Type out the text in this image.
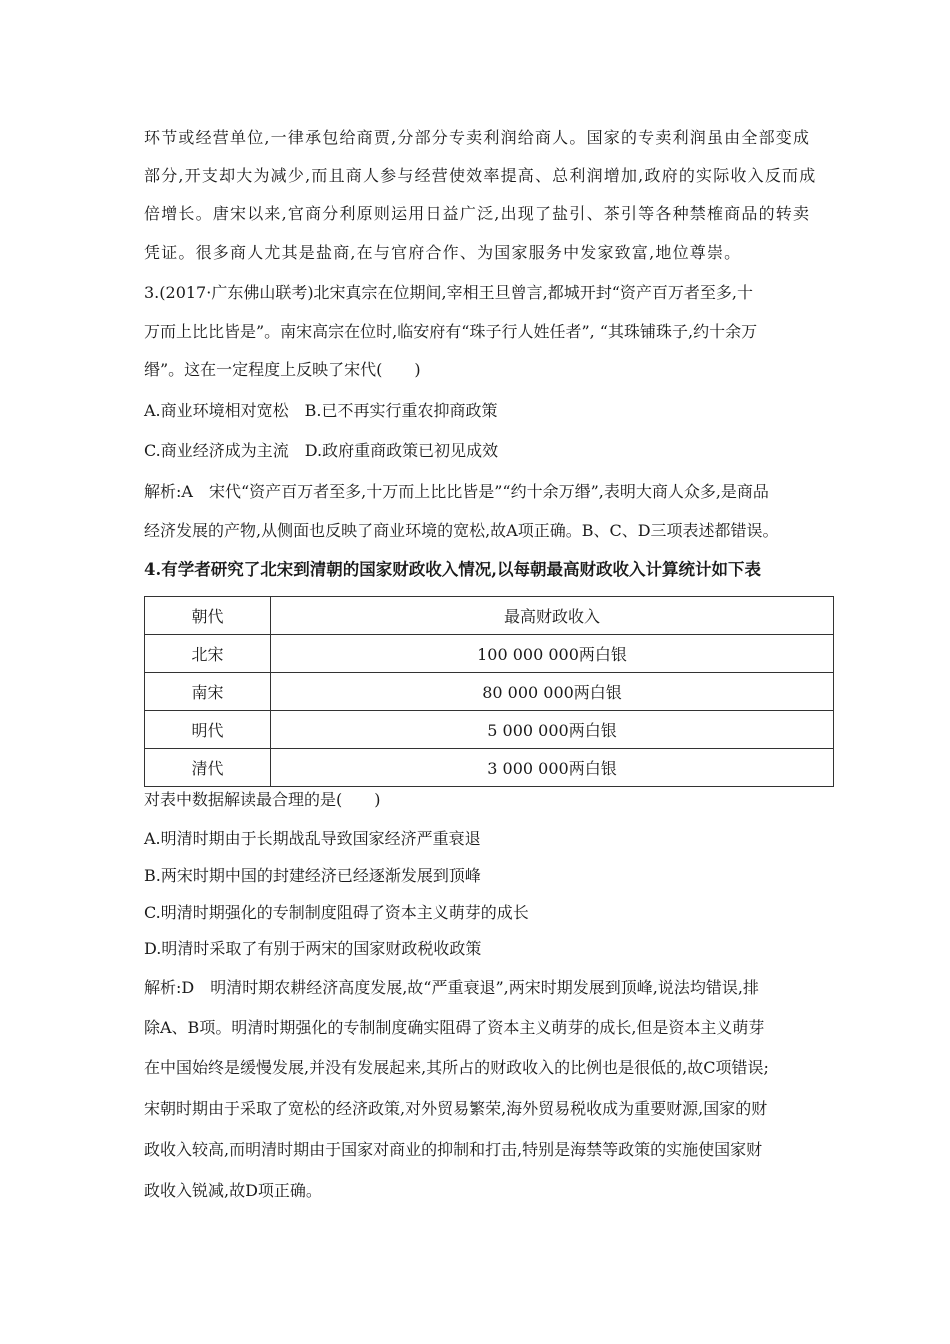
环节或经营单位,一律承包给商贾,分部分专卖利润给商人。国家的专卖利润虽由全部变成
部分,开支却大为减少,而且商人参与经营使效率提高、总利润增加,政府的实际收入反而成
倍增长。唐宋以来,官商分利原则运用日益广泛,出现了盐引、茶引等各种禁榷商品的转卖
凭证。很多商人尤其是盐商,在与官府合作、为国家服务中发家致富,地位尊崇。
3.(2017·广东佛山联考)北宋真宗在位期间,宰相王旦曾言,都城开封“资产百万者至多,十
万而上比比皆是”。南宋高宗在位时,临安府有“珠子行人姓任者”, “其珠铺珠子,约十余万
缗”。这在一定程度上反映了宋代(　　)
A.商业环境相对宽松　B.已不再实行重农抑商政策
C.商业经济成为主流　D.政府重商政策已初见成效
解析:A　宋代“资产百万者至多,十万而上比比皆是”“约十余万缗”,表明大商人众多,是商品
经济发展的产物,从侧面也反映了商业环境的宽松,故A项正确。B、C、D三项表述都错误。
4.有学者研究了北宋到清朝的国家财政收入情况,以每朝最高财政收入计算统计如下表
朝代	最高财政收入
北宋	100 000 000两白银
南宋	80 000 000两白银
明代	5 000 000两白银
清代	3 000 000两白银
对表中数据解读最合理的是(　　)
A.明清时期由于长期战乱导致国家经济严重衰退
B.两宋时期中国的封建经济已经逐渐发展到顶峰
C.明清时期强化的专制制度阻碍了资本主义萌芽的成长
D.明清时采取了有别于两宋的国家财政税收政策
解析:D　明清时期农耕经济高度发展,故“严重衰退”,两宋时期发展到顶峰,说法均错误,排
除A、B项。明清时期强化的专制制度确实阻碍了资本主义萌芽的成长,但是资本主义萌芽
在中国始终是缓慢发展,并没有发展起来,其所占的财政收入的比例也是很低的,故C项错误;
宋朝时期由于采取了宽松的经济政策,对外贸易繁荣,海外贸易税收成为重要财源,国家的财
政收入较高,而明清时期由于国家对商业的抑制和打击,特别是海禁等政策的实施使国家财
政收入锐减,故D项正确。
